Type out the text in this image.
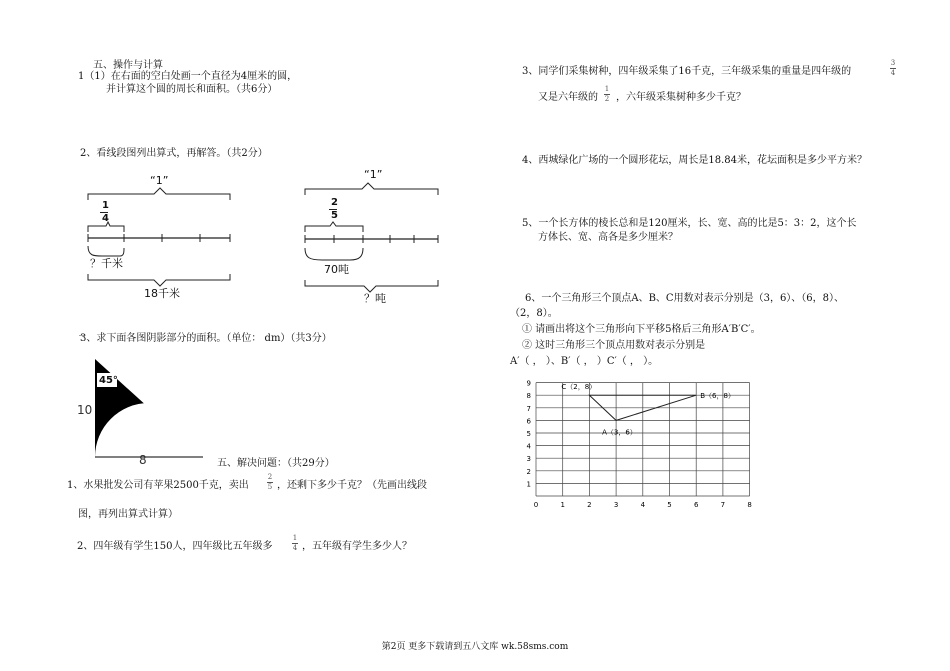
五、操作与计算
1（1）在右面的空白处画一个直径为4厘米的圆，
并计算这个圆的周长和面积。（共6分）
2、看线段图列出算式，再解答。（共2分）
“1”
1
4
？千米
18千米
“1”
2
5
70吨
？吨
_
3、求下面各图阴影部分的面积。（单位： dm）（共3分）
45°
10
8	五、解决问题：（共29分）
1、水果批发公司有苹果2500千克，卖出
2
5 ，还剩下多少千克？（先画出线段
图，再列出算式计算）
2、四年级有学生150人，四年级比五年级多
1
4 ，五年级有学生多少人？
3、同学们采集树种，四年级采集了16千克，三年级采集的重量是四年级的
3
4
又是六年级的
1
2 ，六年级采集树种多少千克？
4、西城绿化广场的一个圆形花坛，周长是18.84米，花坛面积是多少平方米？
5、一个长方体的棱长总和是120厘米，长、宽、高的比是5：3：2，这个长
方体长、宽、高各是多少厘米？
6、一个三角形三个顶点A、B、C用数对表示分别是（3，6）、（6，8）、
（2，8）。
① 请画出将这个三角形向下平移5格后三角形A′B′C′。
② 这时三角形三个顶点用数对表示分别是
A′（ ， ）、B′（ ， ）C′（ ， ）。
0	1	2	3	4	5	6	7	8
1
2
3
4
5
6
7
8
9	C（2，8）
A（3，6）
B（6，8）
第2页 更多下载请到五八文库 wk.58sms.com
